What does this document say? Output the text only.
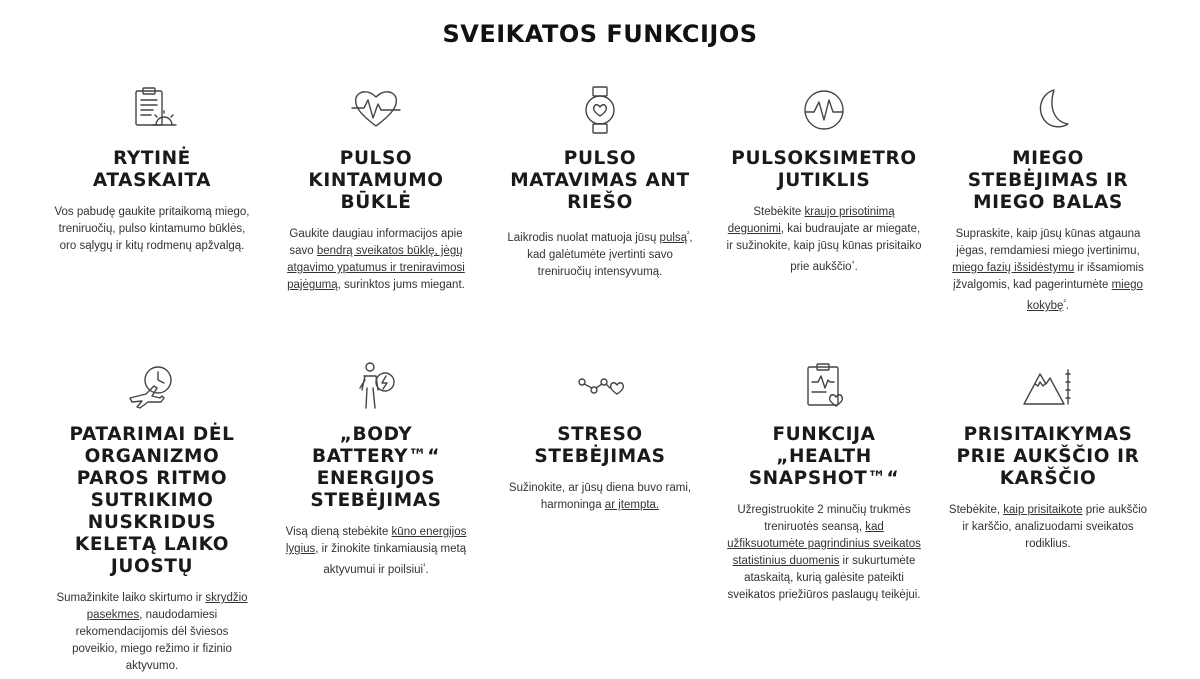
SVEIKATOS FUNKCIJOS
RYTINĖ ATASKAITA
Vos pabudę gaukite pritaikomą miego, treniruočių, pulso kintamumo būklės, oro sąlygų ir kitų rodmenų apžvalgą.
PULSO KINTAMUMO BŪKLĖ
Gaukite daugiau informacijos apie savo bendrą sveikatos būklę, jėgų atgavimo ypatumus ir treniravimosi pajėgumą, surinktos jums miegant.
PULSO MATAVIMAS ANT RIEŠO
Laikrodis nuolat matuoja jūsų pulsą$^{^2}$, kad galėtumėte įvertinti savo treniruočių intensyvumą.
PULSOKSIMETRO JUTIKLIS
Stebėkite kraujo prisotinimą deguonimi, kai budraujate ar miegate, ir sužinokite, kaip jūsų kūnas prisitaiko prie aukščio$^{^4}$.
MIEGO STEBĖJIMAS IR MIEGO BALAS
Supraskite, kaip jūsų kūnas atgauna jėgas, remdamiesi miego įvertinimu, miego fazių išsidėstymu ir išsamiomis įžvalgomis, kad pagerintumėte miego kokybę$^{^2}$.
PATARIMAI DĖL ORGANIZMO PAROS RITMO SUTRIKIMO NUSKRIDUS KELETĄ LAIKO JUOSTŲ
Sumažinkite laiko skirtumo ir skrydžio pasekmes, naudodamiesi rekomendacijomis dėl šviesos poveikio, miego režimo ir fizinio aktyvumo.
„BODY BATTERY™“ ENERGIJOS STEBĖJIMAS
Visą dieną stebėkite kūno energijos lygius, ir žinokite tinkamiausią metą aktyvumui ir poilsiui$^{^1}$.
STRESO STEBĖJIMAS
Sužinokite, ar jūsų diena buvo rami, harmoninga ar įtempta.
FUNKCIJA „HEALTH SNAPSHOT™“
Užregistruokite 2 minučių trukmės treniruotės seansą, kad užfiksuotumėte pagrindinius sveikatos statistinius duomenis ir sukurtumėte ataskaitą, kurią galėsite pateikti sveikatos priežiūros paslaugų teikėjui.
PRISITAIKYMAS PRIE AUKŠČIO IR KARŠČIO
Stebėkite, kaip prisitaikote prie aukščio ir karščio, analizuodami sveikatos rodiklius.
